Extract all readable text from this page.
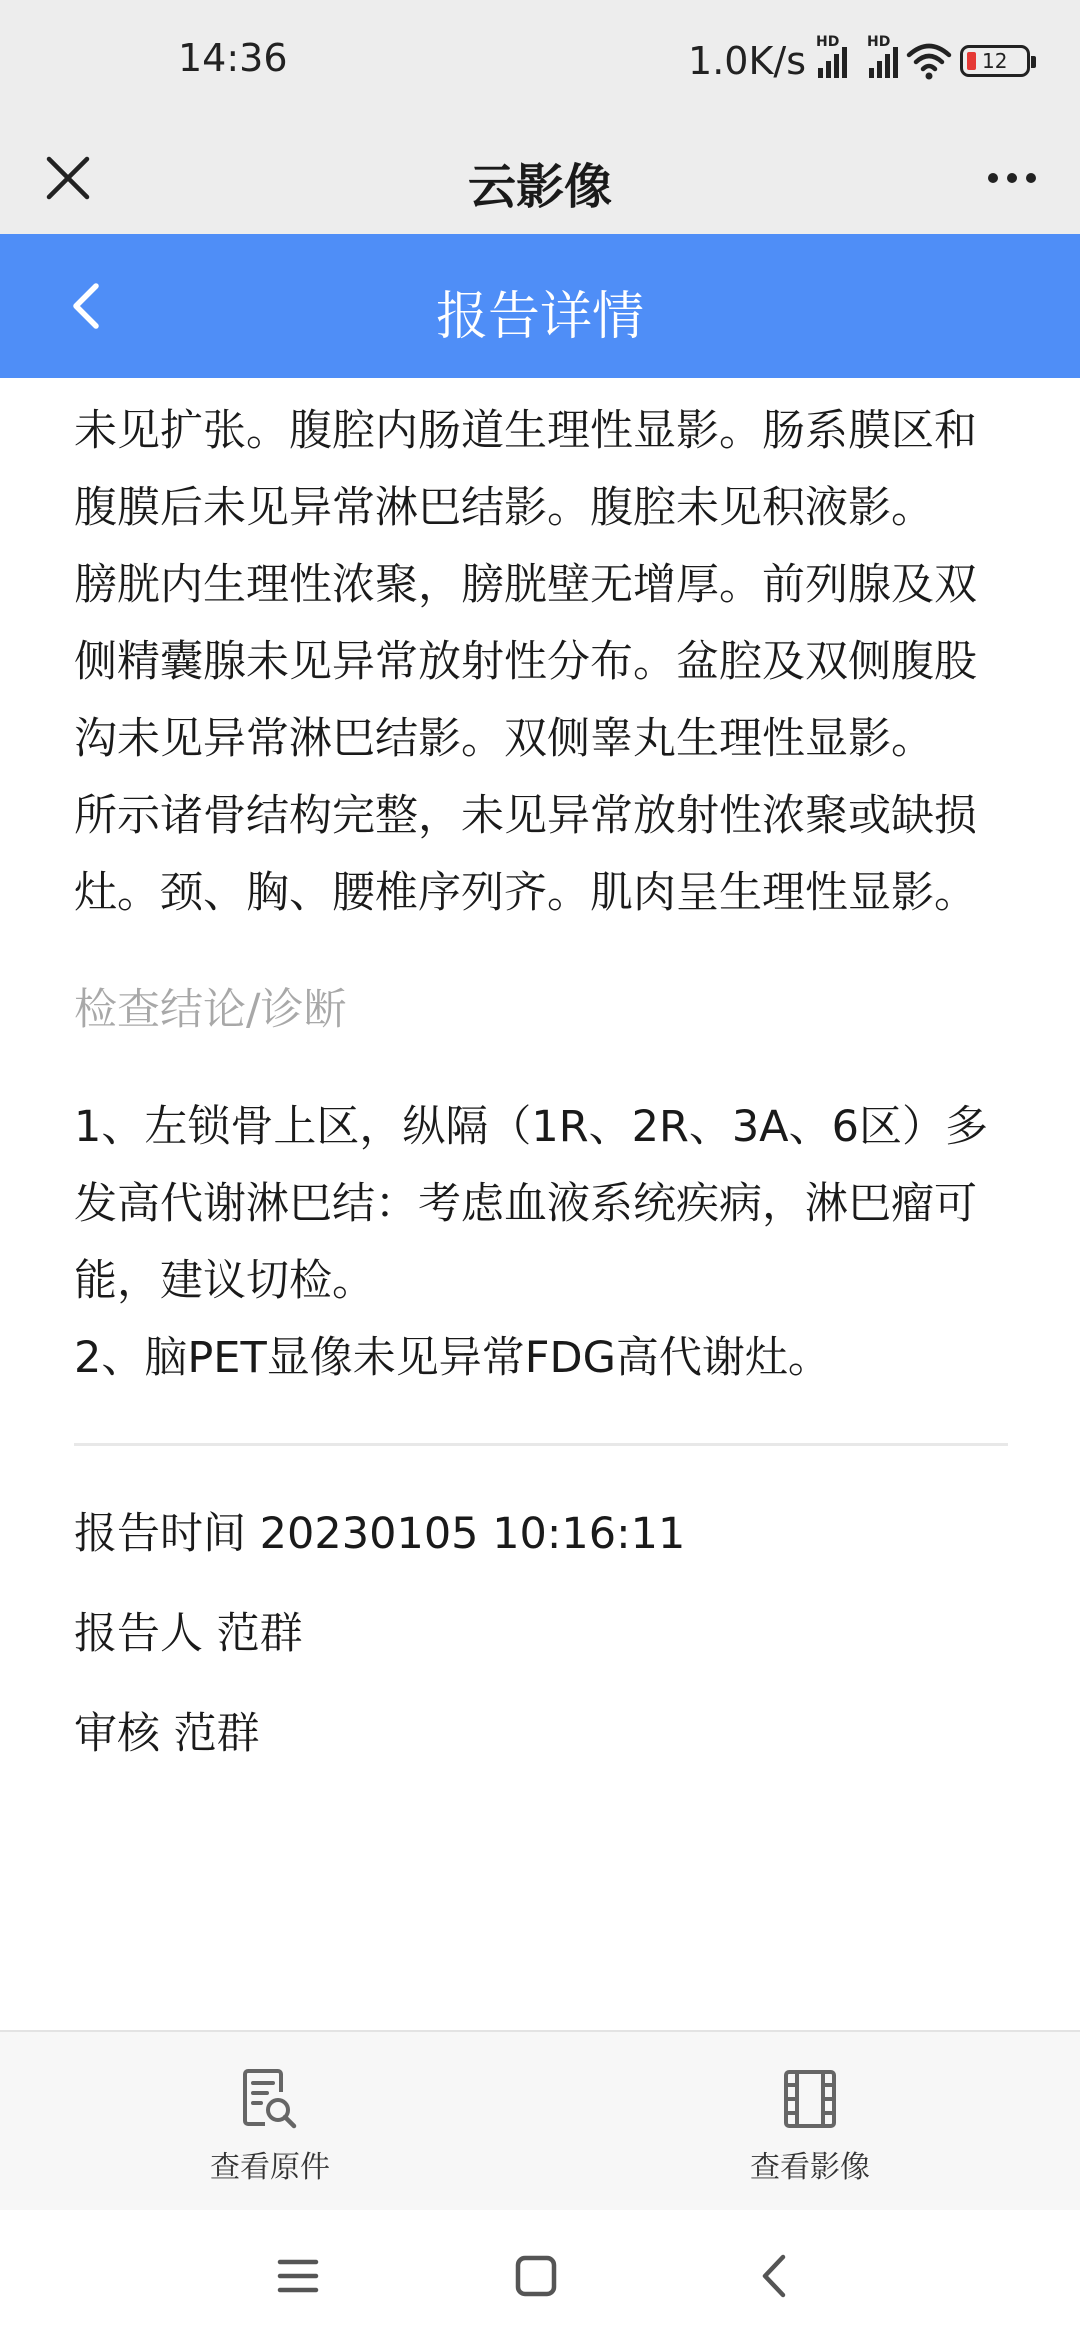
14:36	1.0K/s HD HD
12
云影像
报告详情
未见扩张。腹腔内肠道生理性显影。肠系膜区和腹膜后未见异常淋巴结影。腹腔未见积液影。
膀胱内生理性浓聚，膀胱壁无增厚。前列腺及双侧精囊腺未见异常放射性分布。盆腔及双侧腹股沟未见异常淋巴结影。双侧睾丸生理性显影。
所示诸骨结构完整，未见异常放射性浓聚或缺损灶。颈、胸、腰椎序列齐。肌肉呈生理性显影。
检查结论/诊断
1、左锁骨上区，纵隔（1R、2R、3A、6区）多发高代谢淋巴结：考虑血液系统疾病，淋巴瘤可能，建议切检。
2、脑PET显像未见异常FDG高代谢灶。
报告时间 20230105 10:16:11
报告人 范群
审核 范群
查看原件	查看影像
